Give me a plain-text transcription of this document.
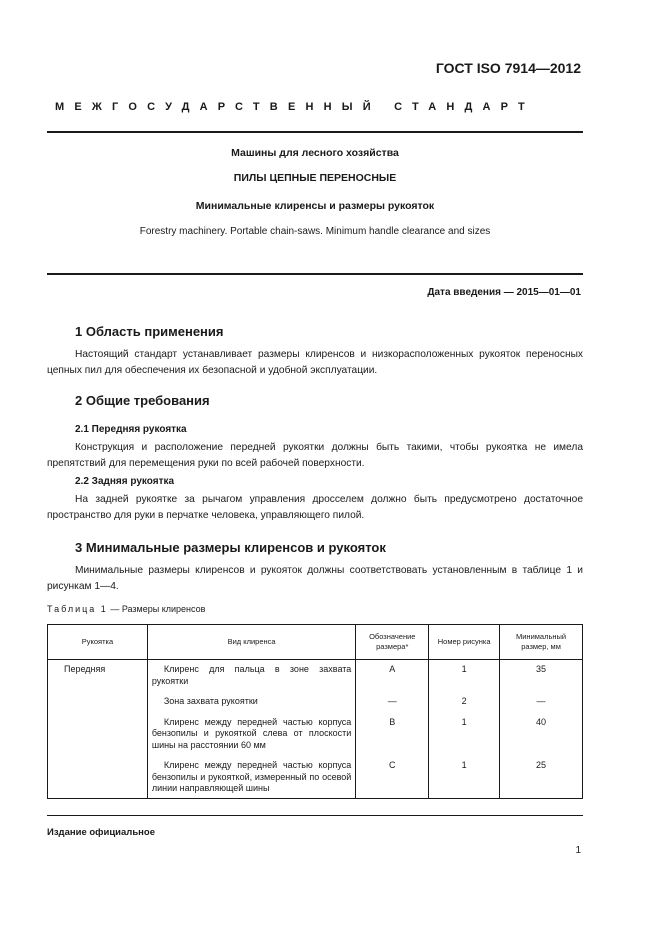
ГОСТ ISO 7914—2012
МЕЖГОСУДАРСТВЕННЫЙ СТАНДАРТ
Машины для лесного хозяйства
ПИЛЫ ЦЕПНЫЕ ПЕРЕНОСНЫЕ
Минимальные клиренсы и размеры рукояток
Forestry machinery. Portable chain-saws. Minimum handle clearance and sizes
Дата введения — 2015—01—01
1 Область применения
Настоящий стандарт устанавливает размеры клиренсов и низкорасположенных рукояток переносных цепных пил для обеспечения их безопасной и удобной эксплуатации.
2 Общие требования
2.1 Передняя рукоятка
Конструкция и расположение передней рукоятки должны быть такими, чтобы рукоятка не имела препятствий для перемещения руки по всей рабочей поверхности.
2.2 Задняя рукоятка
На задней рукоятке за рычагом управления дросселем должно быть предусмотрено достаточное пространство для руки в перчатке человека, управляющего пилой.
3 Минимальные размеры клиренсов и рукояток
Минимальные размеры клиренсов и рукояток должны соответствовать установленным в таблице 1 и рисункам 1—4.
Таблица 1 — Размеры клиренсов
Рукоятка	Вид клиренса	Обозначение размера*	Номер рисунка	Минимальный размер, мм
Передняя	Клиренс для пальца в зоне захвата рукоятки	A	1	35
	Зона захвата рукоятки	—	2	—
	Клиренс между передней частью корпуса бензопилы и рукояткой слева от плоскости шины на расстоянии 60 мм	B	1	40
	Клиренс между передней частью корпуса бензопилы и рукояткой, измеренный по осевой линии направляющей шины	C	1	25
Издание официальное
1
